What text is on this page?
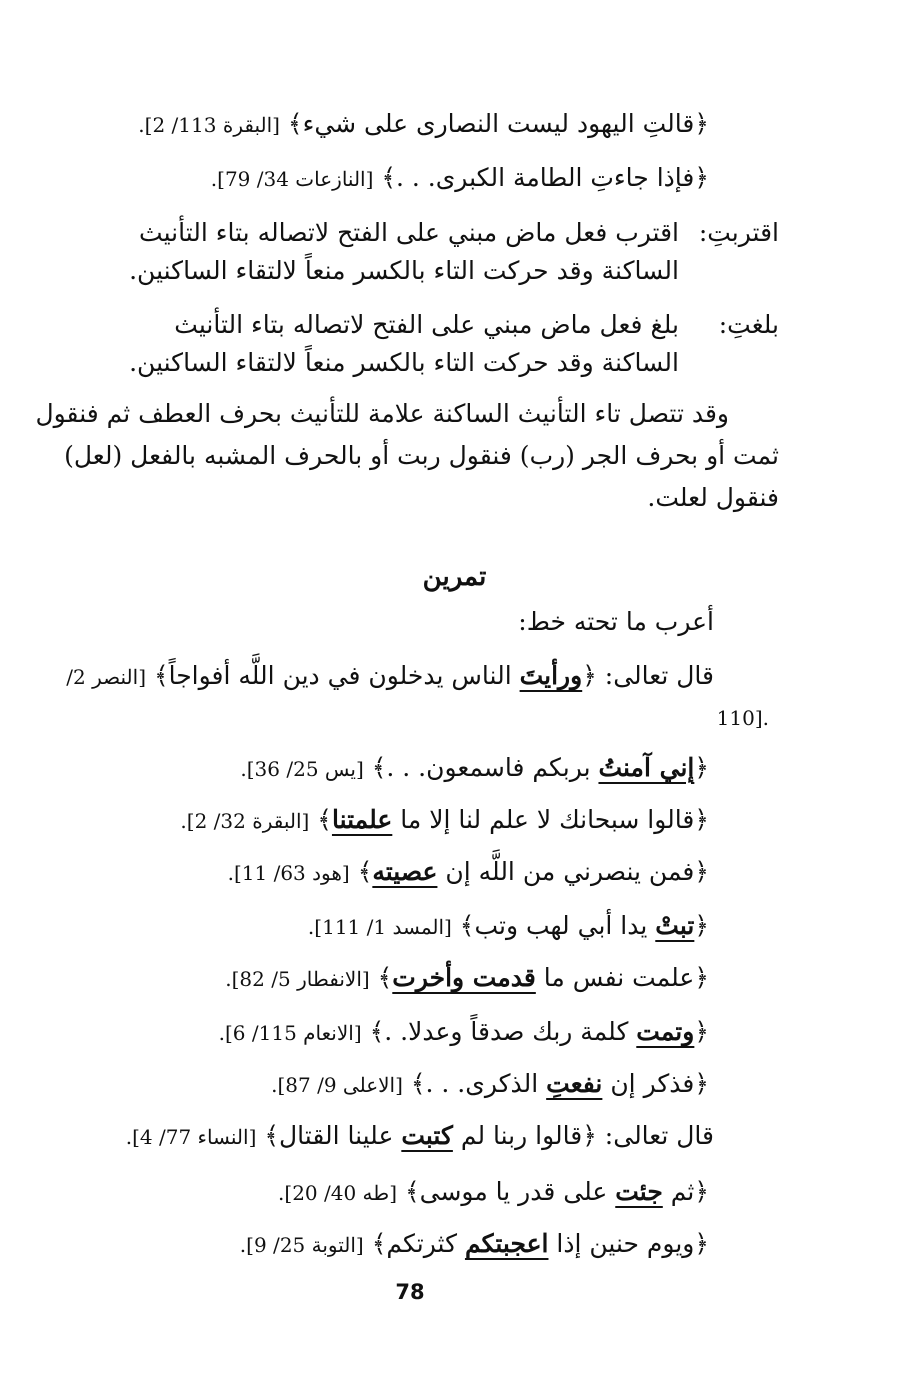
﴿قالتِ اليهود ليست النصارى على شيء﴾ [البقرة 113/ 2].
﴿فإذا جاءتِ الطامة الكبرى. . .﴾ [النازعات 34/ 79].
اقتربتِ:
اقترب فعل ماض مبني على الفتح لاتصاله بتاء التأنيث
الساكنة وقد حركت التاء بالكسر منعاً لالتقاء الساكنين.
بلغتِ:
بلغ فعل ماض مبني على الفتح لاتصاله بتاء التأنيث
الساكنة وقد حركت التاء بالكسر منعاً لالتقاء الساكنين.
وقد تتصل تاء التأنيث الساكنة علامة للتأنيث بحرف العطف ثم فنقول
ثمت أو بحرف الجر (رب) فنقول ربت أو بالحرف المشبه بالفعل (لعل)
فنقول لعلت.
تمرين
أعرب ما تحته خط:
قال تعالى: ﴿ورأيتَ الناس يدخلون في دين اللَّه أفواجاً﴾ [النصر 2/
110].
﴿إني آمنتُ بربكم فاسمعون. . .﴾ [يس 25/ 36].
﴿قالوا سبحانك لا علم لنا إلا ما علمتنا﴾ [البقرة 32/ 2].
﴿فمن ينصرني من اللَّه إن عصيته﴾ [هود 63/ 11].
﴿تبتْ يدا أبي لهب وتب﴾ [المسد 1/ 111].
﴿علمت نفس ما قدمت وأخرت﴾ [الانفطار 5/ 82].
﴿وتمت كلمة ربك صدقاً وعدلا. .﴾ [الانعام 115/ 6].
﴿فذكر إن نفعتِ الذكرى. . .﴾ [الاعلى 9/ 87].
قال تعالى: ﴿قالوا ربنا لم كتبت علينا القتال﴾ [النساء 77/ 4].
﴿ثم جئت على قدر يا موسى﴾ [طه 40/ 20].
﴿ويوم حنين إذا اعجبتكم كثرتكم﴾ [التوبة 25/ 9].
78
